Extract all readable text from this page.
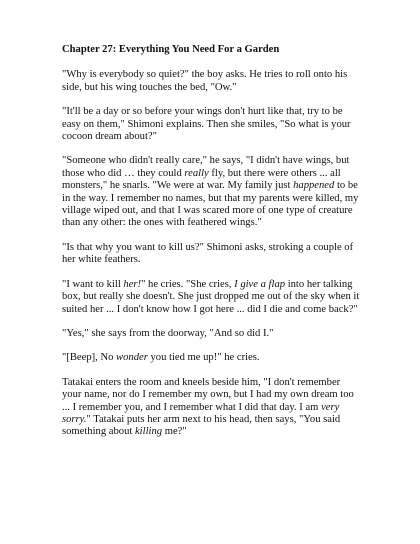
Chapter 27: Everything You Need For a Garden

"Why is everybody so quiet?" the boy asks. He tries to roll onto his side, but his wing touches the bed, "Ow."

"It'll be a day or so before your wings don't hurt like that, try to be easy on them," Shimoni explains. Then she smiles, "So what is your cocoon dream about?"

"Someone who didn't really care," he says, "I didn't have wings, but those who did … they could really fly, but there were others ... all monsters," he snarls. "We were at war. My family just happened to be in the way. I remember no names, but that my parents were killed, my village wiped out, and that I was scared more of one type of creature than any other: the ones with feathered wings."

"Is that why you want to kill us?" Shimoni asks, stroking a couple of her white feathers.

"I want to kill her!" he cries. "She cries, I give a flap into her talking box, but really she doesn't. She just dropped me out of the sky when it suited her ... I don't know how I got here ... did I die and come back?"

"Yes," she says from the doorway, "And so did I."

"[Beep], No wonder you tied me up!" he cries.

Tatakai enters the room and kneels beside him, "I don't remember your name, nor do I remember my own, but I had my own dream too ... I remember you, and I remember what I did that day. I am very sorry." Tatakai puts her arm next to his head, then says, "You said something about killing me?"
